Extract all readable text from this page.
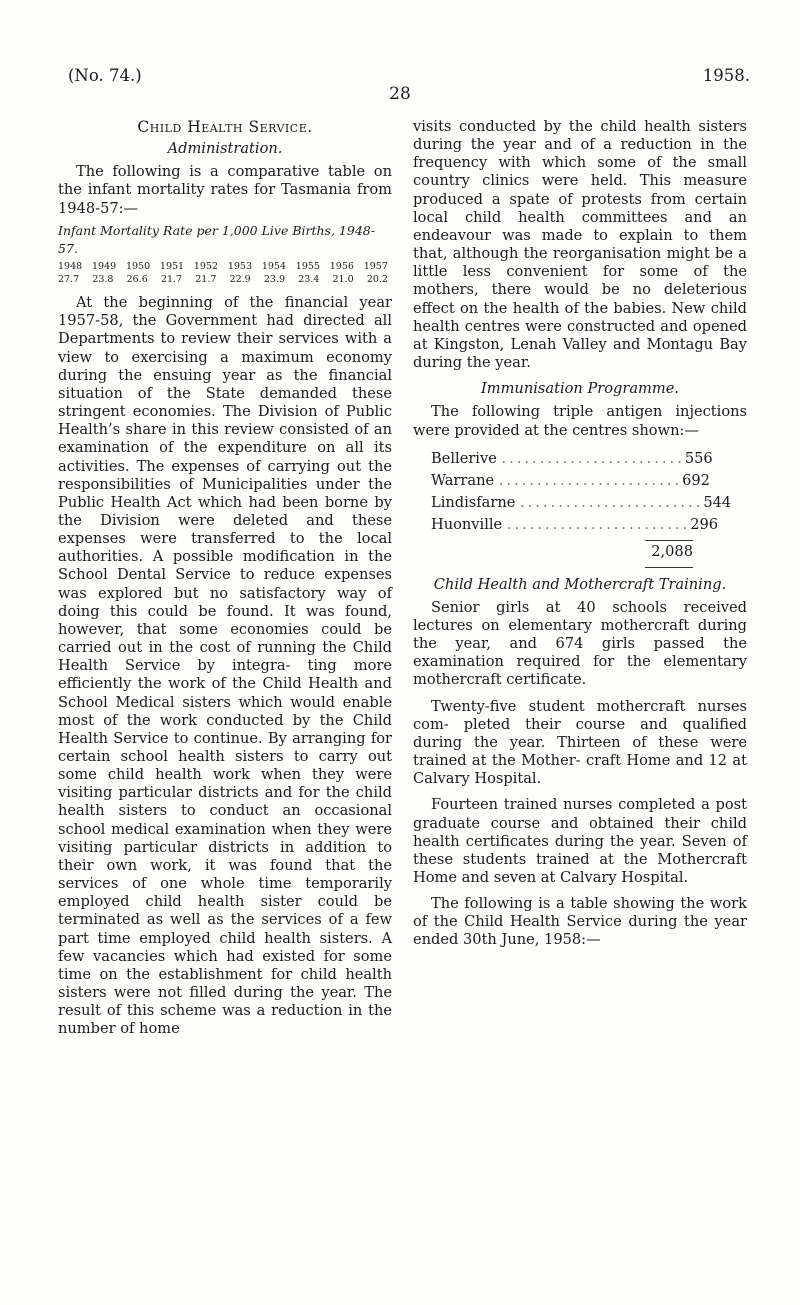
(No. 74.)	1958.
28
Child Health Service.
Administration.

The following is a comparative table on the infant mortality rates for Tasmania from 1948-57:—

Infant Mortality Rate per 1,000 Live Births, 1948-57.
1948 1949 1950 1951 1952 1953 1954 1955 1956 1957
27.7 23.8 26.6 21.7 21.7 22.9 23.9 23.4 21.0 20.2

At the beginning of the financial year 1957-58, the Government had directed all Departments to review their services with a view to exercising a maximum economy during the ensuing year as the financial situation of the State demanded these stringent economies. The Division of Public Health’s share in this review consisted of an examination of the expenditure on all its activities. The expenses of carrying out the responsibilities of Municipalities under the Public Health Act which had been borne by the Division were deleted and these expenses were transferred to the local authorities. A possible modification in the School Dental Service to reduce expenses was explored but no satisfactory way of doing this could be found. It was found, however, that some economies could be carried out in the cost of running the Child Health Service by integra- ting more efficiently the work of the Child Health and School Medical sisters which would enable most of the work conducted by the Child Health Service to continue. By arranging for certain school health sisters to carry out some child health work when they were visiting particular districts and for the child health sisters to conduct an occasional school medical examination when they were visiting particular districts in addition to their own work, it was found that the services of one whole time temporarily employed child health sister could be terminated as well as the services of a few part time employed child health sisters. A few vacancies which had existed for some time on the establishment for child health sisters were not filled during the year. The result of this scheme was a reduction in the number of home

visits conducted by the child health sisters during the year and of a reduction in the frequency with which some of the small country clinics were held. This measure produced a spate of protests from certain local child health committees and an endeavour was made to explain to them that, although the reorganisation might be a little less convenient for some of the mothers, there would be no deleterious effect on the health of the babies. New child health centres were constructed and opened at Kingston, Lenah Valley and Montagu Bay during the year.

Immunisation Programme.

The following triple antigen injections were provided at the centres shown:—

Bellerive ........................ 556
Warrane ........................ 692
Lindisfarne ........................ 544
Huonville ........................ 296
2,088
Child Health and Mothercraft Training.

Senior girls at 40 schools received lectures on elementary mothercraft during the year, and 674 girls passed the examination required for the elementary mothercraft certificate.

Twenty-five student mothercraft nurses com- pleted their course and qualified during the year. Thirteen of these were trained at the Mother- craft Home and 12 at Calvary Hospital.

Fourteen trained nurses completed a post graduate course and obtained their child health certificates during the year. Seven of these students trained at the Mothercraft Home and seven at Calvary Hospital.

The following is a table showing the work of the Child Health Service during the year ended 30th June, 1958:—
